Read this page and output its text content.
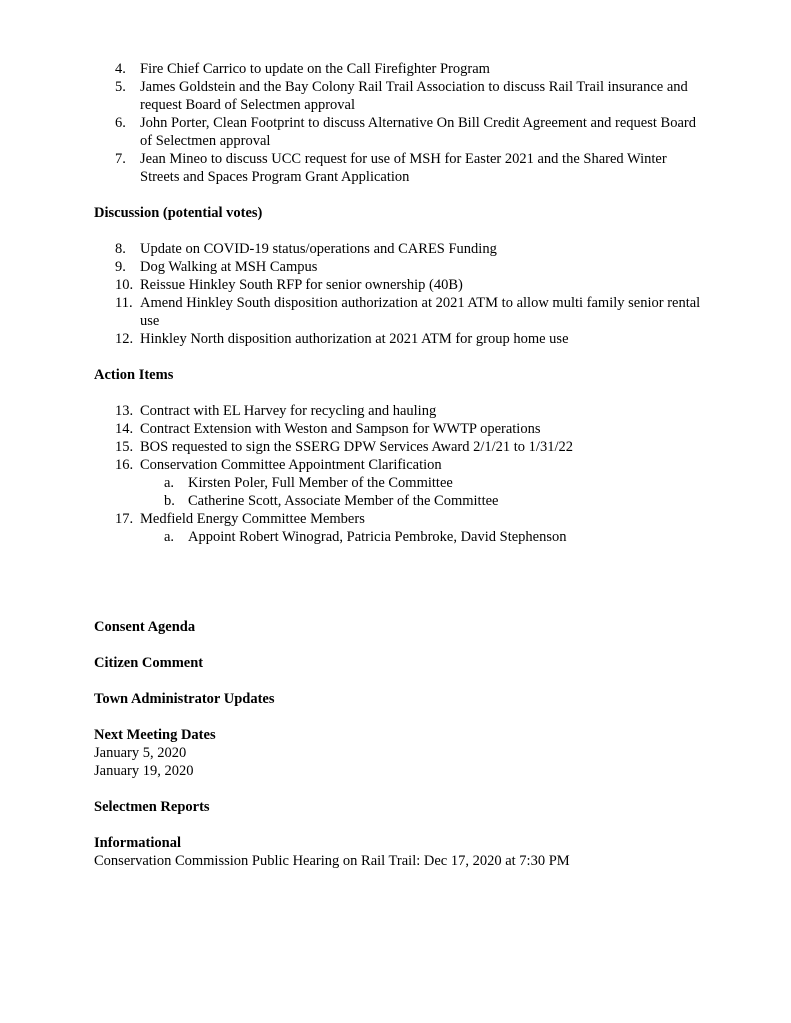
4. Fire Chief Carrico to update on the Call Firefighter Program
5. James Goldstein and the Bay Colony Rail Trail Association to discuss Rail Trail insurance and request Board of Selectmen approval
6. John Porter, Clean Footprint to discuss Alternative On Bill Credit Agreement and request Board of Selectmen approval
7. Jean Mineo to discuss UCC request for use of MSH for Easter 2021 and the Shared Winter Streets and Spaces Program Grant Application
Discussion (potential votes)
8. Update on COVID-19 status/operations and CARES Funding
9. Dog Walking at MSH Campus
10. Reissue Hinkley South RFP for senior ownership (40B)
11. Amend Hinkley South disposition authorization at 2021 ATM to allow multi family senior rental use
12. Hinkley North disposition authorization at 2021 ATM for group home use
Action Items
13. Contract with EL Harvey for recycling and hauling
14. Contract Extension with Weston and Sampson for WWTP operations
15. BOS requested to sign the SSERG DPW Services Award 2/1/21 to 1/31/22
16. Conservation Committee Appointment Clarification
a. Kirsten Poler, Full Member of the Committee
b. Catherine Scott, Associate Member of the Committee
17. Medfield Energy Committee Members
a. Appoint Robert Winograd, Patricia Pembroke, David Stephenson
Consent Agenda
Citizen Comment
Town Administrator Updates
Next Meeting Dates
January 5, 2020
January 19, 2020
Selectmen Reports
Informational
Conservation Commission Public Hearing on Rail Trail: Dec 17, 2020 at 7:30 PM
